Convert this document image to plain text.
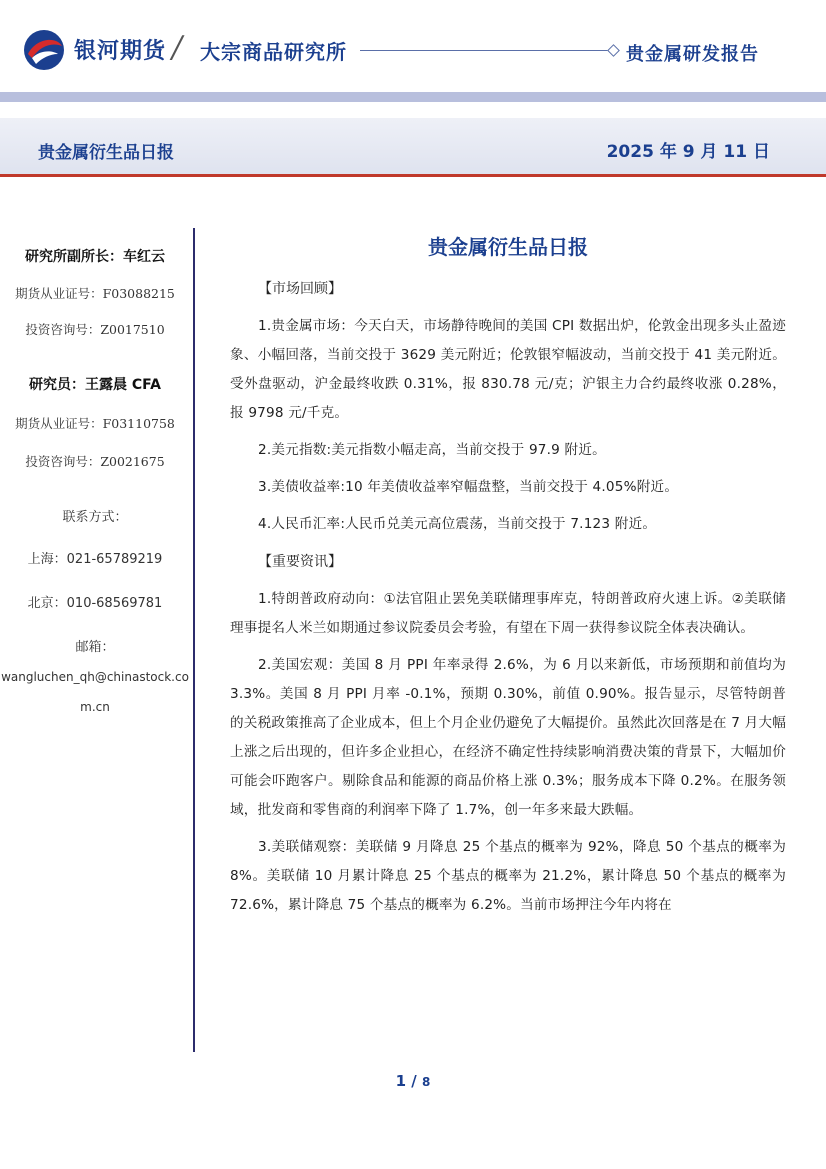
银河期货 / 大宗商品研究所	贵金属研发报告
贵金属衍生品日报	2025 年 9 月 11 日
研究所副所长：车红云
期货从业证号：F03088215
投资咨询号：Z0017510
研究员：王露晨 CFA
期货从业证号：F03110758
投资咨询号：Z0021675
联系方式：
上海：021-65789219
北京：010-68569781
邮箱：
wangluchen_qh@chinastock.co
m.cn
贵金属衍生品日报
【市场回顾】
1.贵金属市场：今天白天，市场静待晚间的美国 CPI 数据出炉，伦敦金出现多头止盈迹象、小幅回落，当前交投于 3629 美元附近；伦敦银窄幅波动，当前交投于 41 美元附近。受外盘驱动，沪金最终收跌 0.31%，报 830.78 元/克；沪银主力合约最终收涨 0.28%，报 9798 元/千克。
2.美元指数:美元指数小幅走高，当前交投于 97.9 附近。
3.美债收益率:10 年美债收益率窄幅盘整，当前交投于 4.05%附近。
4.人民币汇率:人民币兑美元高位震荡，当前交投于 7.123 附近。
【重要资讯】
1.特朗普政府动向：①法官阻止罢免美联储理事库克，特朗普政府火速上诉。②美联储理事提名人米兰如期通过参议院委员会考验，有望在下周一获得参议院全体表决确认。
2.美国宏观：美国 8 月 PPI 年率录得 2.6%，为 6 月以来新低，市场预期和前值均为 3.3%。美国 8 月 PPI 月率 -0.1%，预期 0.30%，前值 0.90%。报告显示，尽管特朗普的关税政策推高了企业成本，但上个月企业仍避免了大幅提价。虽然此次回落是在 7 月大幅上涨之后出现的，但许多企业担心，在经济不确定性持续影响消费决策的背景下，大幅加价可能会吓跑客户。剔除食品和能源的商品价格上涨 0.3%；服务成本下降 0.2%。在服务领域，批发商和零售商的利润率下降了 1.7%，创一年多来最大跌幅。
3.美联储观察：美联储 9 月降息 25 个基点的概率为 92%，降息 50 个基点的概率为 8%。美联储 10 月累计降息 25 个基点的概率为 21.2%，累计降息 50 个基点的概率为 72.6%，累计降息 75 个基点的概率为 6.2%。当前市场押注今年内将在
1 / 8
